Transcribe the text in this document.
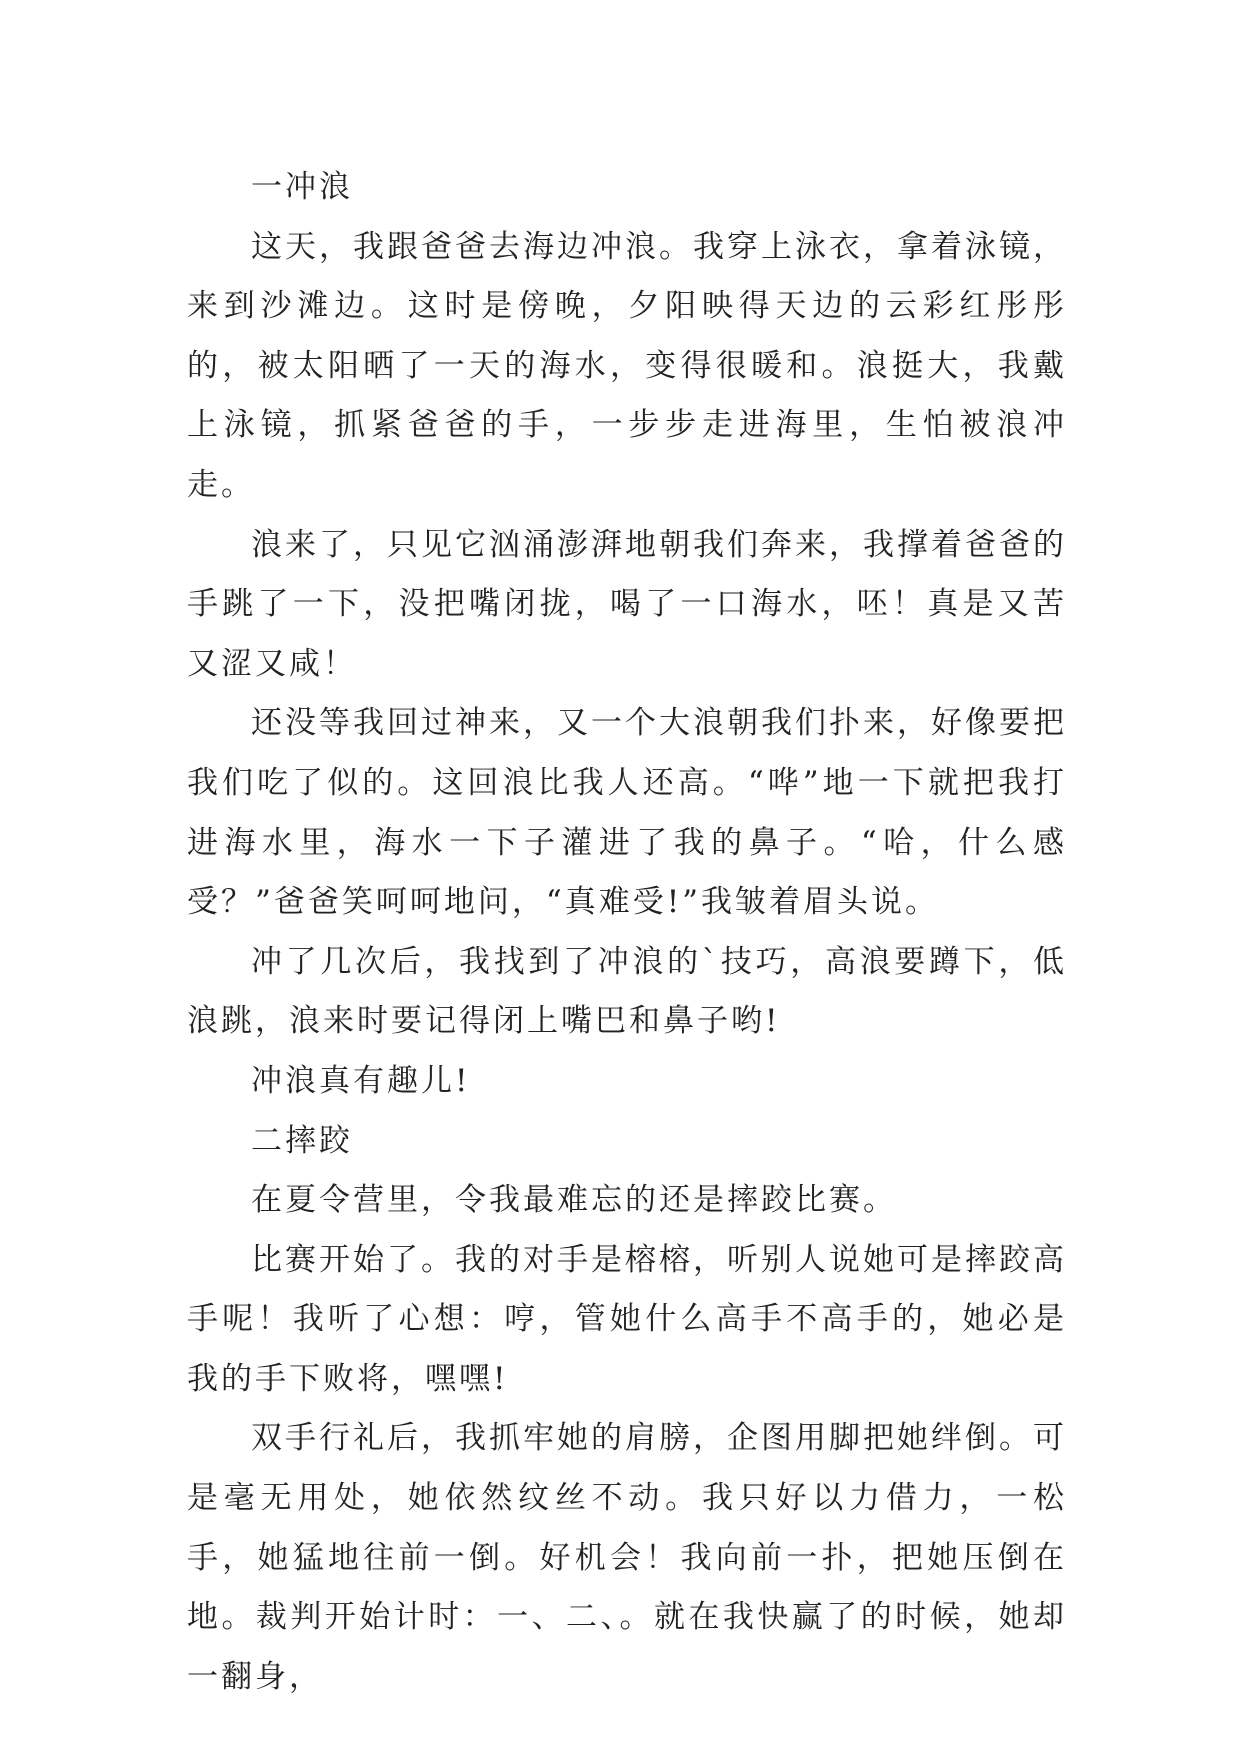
一冲浪

这天，我跟爸爸去海边冲浪。我穿上泳衣，拿着泳镜，来到沙滩边。这时是傍晚，夕阳映得天边的云彩红彤彤的，被太阳晒了一天的海水，变得很暖和。浪挺大，我戴上泳镜，抓紧爸爸的手，一步步走进海里，生怕被浪冲走。

浪来了，只见它汹涌澎湃地朝我们奔来，我撑着爸爸的手跳了一下，没把嘴闭拢，喝了一口海水，呸！真是又苦又涩又咸！

还没等我回过神来，又一个大浪朝我们扑来，好像要把我们吃了似的。这回浪比我人还高。“哗”地一下就把我打进海水里，海水一下子灌进了我的鼻子。“哈，什么感受？”爸爸笑呵呵地问，“真难受!”我皱着眉头说。

冲了几次后，我找到了冲浪的`技巧，高浪要蹲下，低浪跳，浪来时要记得闭上嘴巴和鼻子哟!

冲浪真有趣儿!

二摔跤

在夏令营里，令我最难忘的还是摔跤比赛。

比赛开始了。我的对手是榕榕，听别人说她可是摔跤高手呢！我听了心想：哼，管她什么高手不高手的，她必是我的手下败将，嘿嘿!

双手行礼后，我抓牢她的肩膀，企图用脚把她绊倒。可是毫无用处，她依然纹丝不动。我只好以力借力，一松手，她猛地往前一倒。好机会！我向前一扑，把她压倒在地。裁判开始计时：一、二、。就在我快赢了的时候，她却一翻身，
